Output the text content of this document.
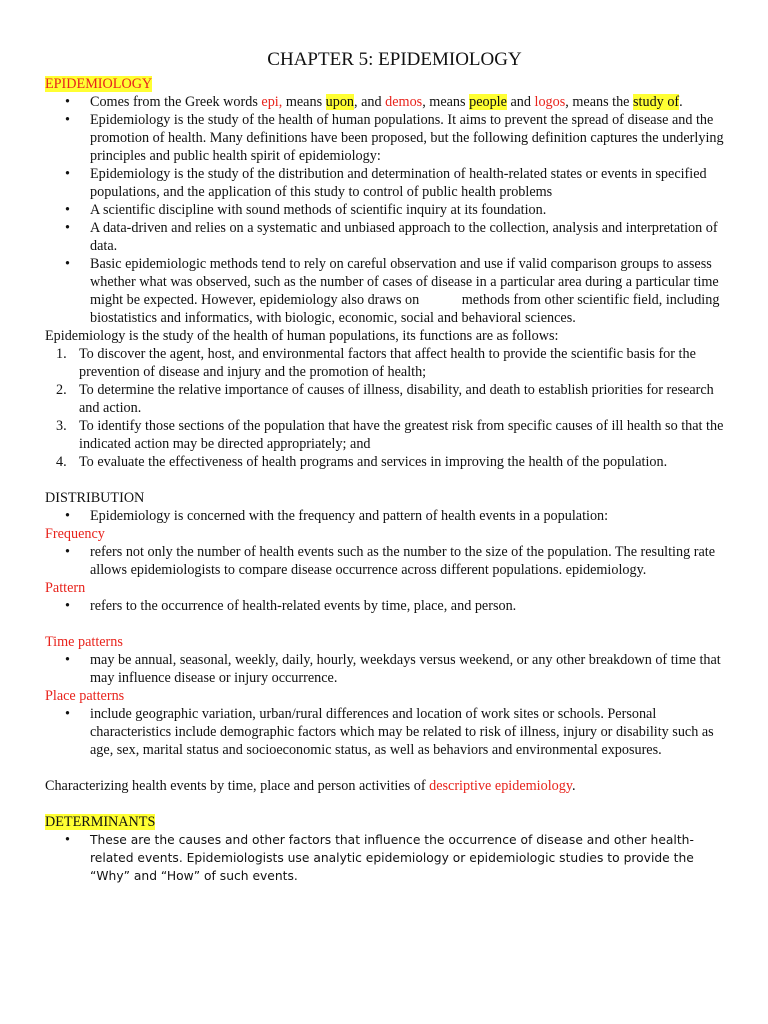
CHAPTER 5: EPIDEMIOLOGY
EPIDEMIOLOGY
• Comes from the Greek words epi, means upon, and demos, means people and logos, means the study of.
• Epidemiology is the study of the health of human populations. It aims to prevent the spread of disease and the promotion of health. Many definitions have been proposed, but the following definition captures the underlying principles and public health spirit of epidemiology:
• Epidemiology is the study of the distribution and determination of health-related states or events in specified populations, and the application of this study to control of public health problems
• A scientific discipline with sound methods of scientific inquiry at its foundation.
• A data-driven and relies on a systematic and unbiased approach to the collection, analysis and interpretation of data.
• Basic epidemiologic methods tend to rely on careful observation and use if valid comparison groups to assess whether what was observed, such as the number of cases of disease in a particular area during a particular time   might be expected. However, epidemiology also draws on            methods from other scientific field, including biostatistics and informatics, with biologic, economic, social and behavioral sciences.
Epidemiology is the study of the health of human populations, its functions are as follows:
1. To discover the agent, host, and environmental factors that affect health to provide the scientific basis for the prevention of disease and injury and the promotion of health;
2. To determine the relative importance of causes of illness, disability, and death to establish priorities for research and action.
3. To identify those sections of the population that have the greatest risk from specific causes of ill health so that the indicated action may be directed appropriately; and
4. To evaluate the effectiveness of health programs and services in improving the health of the population.
DISTRIBUTION
• Epidemiology is concerned with the frequency and pattern of health events in a population:
Frequency
• refers not only the number of health events such as the number to the size of the population. The resulting rate allows epidemiologists to compare disease occurrence across different populations. epidemiology.
Pattern
• refers to the occurrence of health-related events by time, place, and person.
Time patterns
• may be annual, seasonal, weekly, daily, hourly, weekdays versus weekend, or any other breakdown of time that may influence disease or injury occurrence.
Place patterns
• include geographic variation, urban/rural differences and location of work sites or schools. Personal characteristics include demographic factors which may be related to risk of illness, injury or disability such as age, sex, marital status and socioeconomic status, as well as behaviors and environmental exposures.
Characterizing health events by time, place and person activities of descriptive epidemiology.
DETERMINANTS
• These are the causes and other factors that influence the occurrence of disease and other health-related events. Epidemiologists use analytic epidemiology or epidemiologic studies to provide the “Why” and “How” of such events.
